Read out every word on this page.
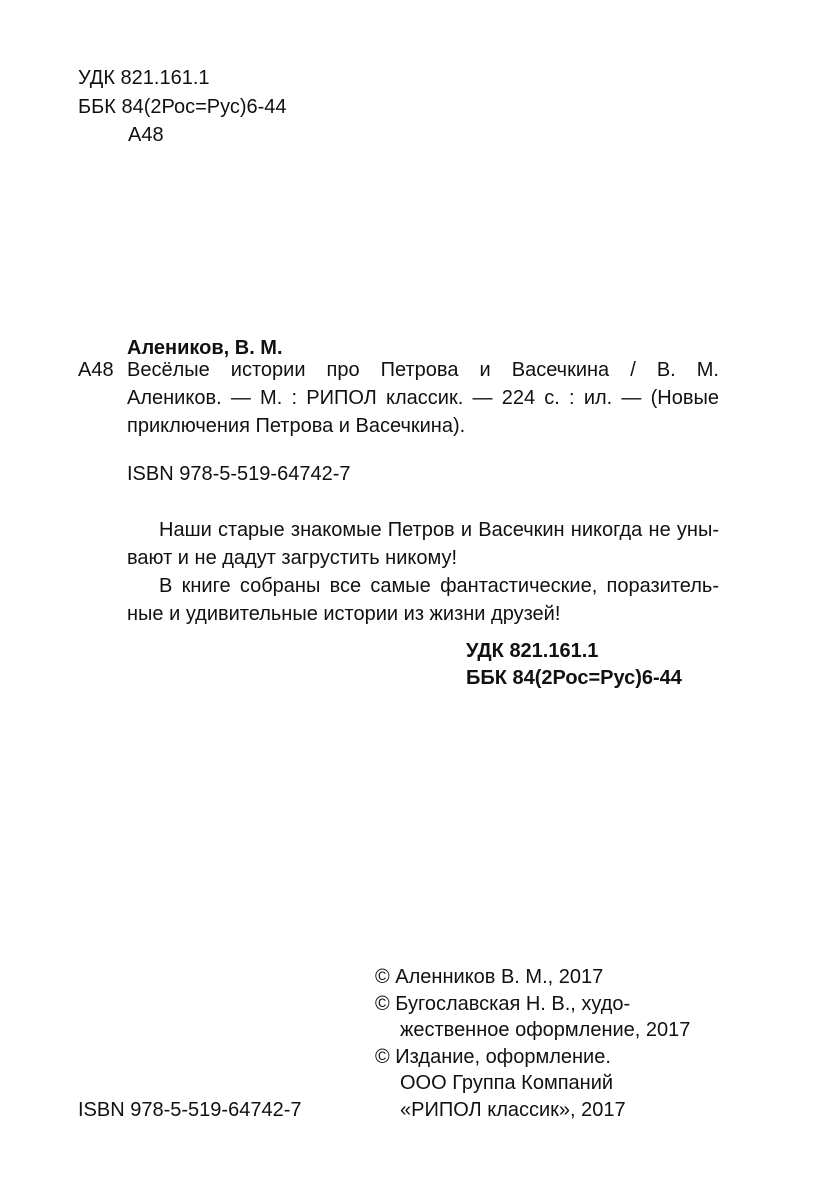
УДК 821.161.1
ББК 84(2Рос=Рус)6-44
А48
Алеников, В. М.
А48 Весёлые истории про Петрова и Васечкина / В. М.
Алеников. — М. : РИПОЛ классик. — 224 с. : ил. — (Новые
приключения Петрова и Васечкина).
ISBN 978-5-519-64742-7
Наши старые знакомые Петров и Васечкин никогда не уны-
вают и не дадут загрустить никому!
В книге собраны все самые фантастические, поразитель-
ные и удивительные истории из жизни друзей!
УДК 821.161.1
ББК 84(2Рос=Рус)6-44
© Аленников В. М., 2017
© Бугославская Н. В., худо-
жественное оформление, 2017
© Издание, оформление.
ООО Группа Компаний
«РИПОЛ классик», 2017
ISBN 978-5-519-64742-7
